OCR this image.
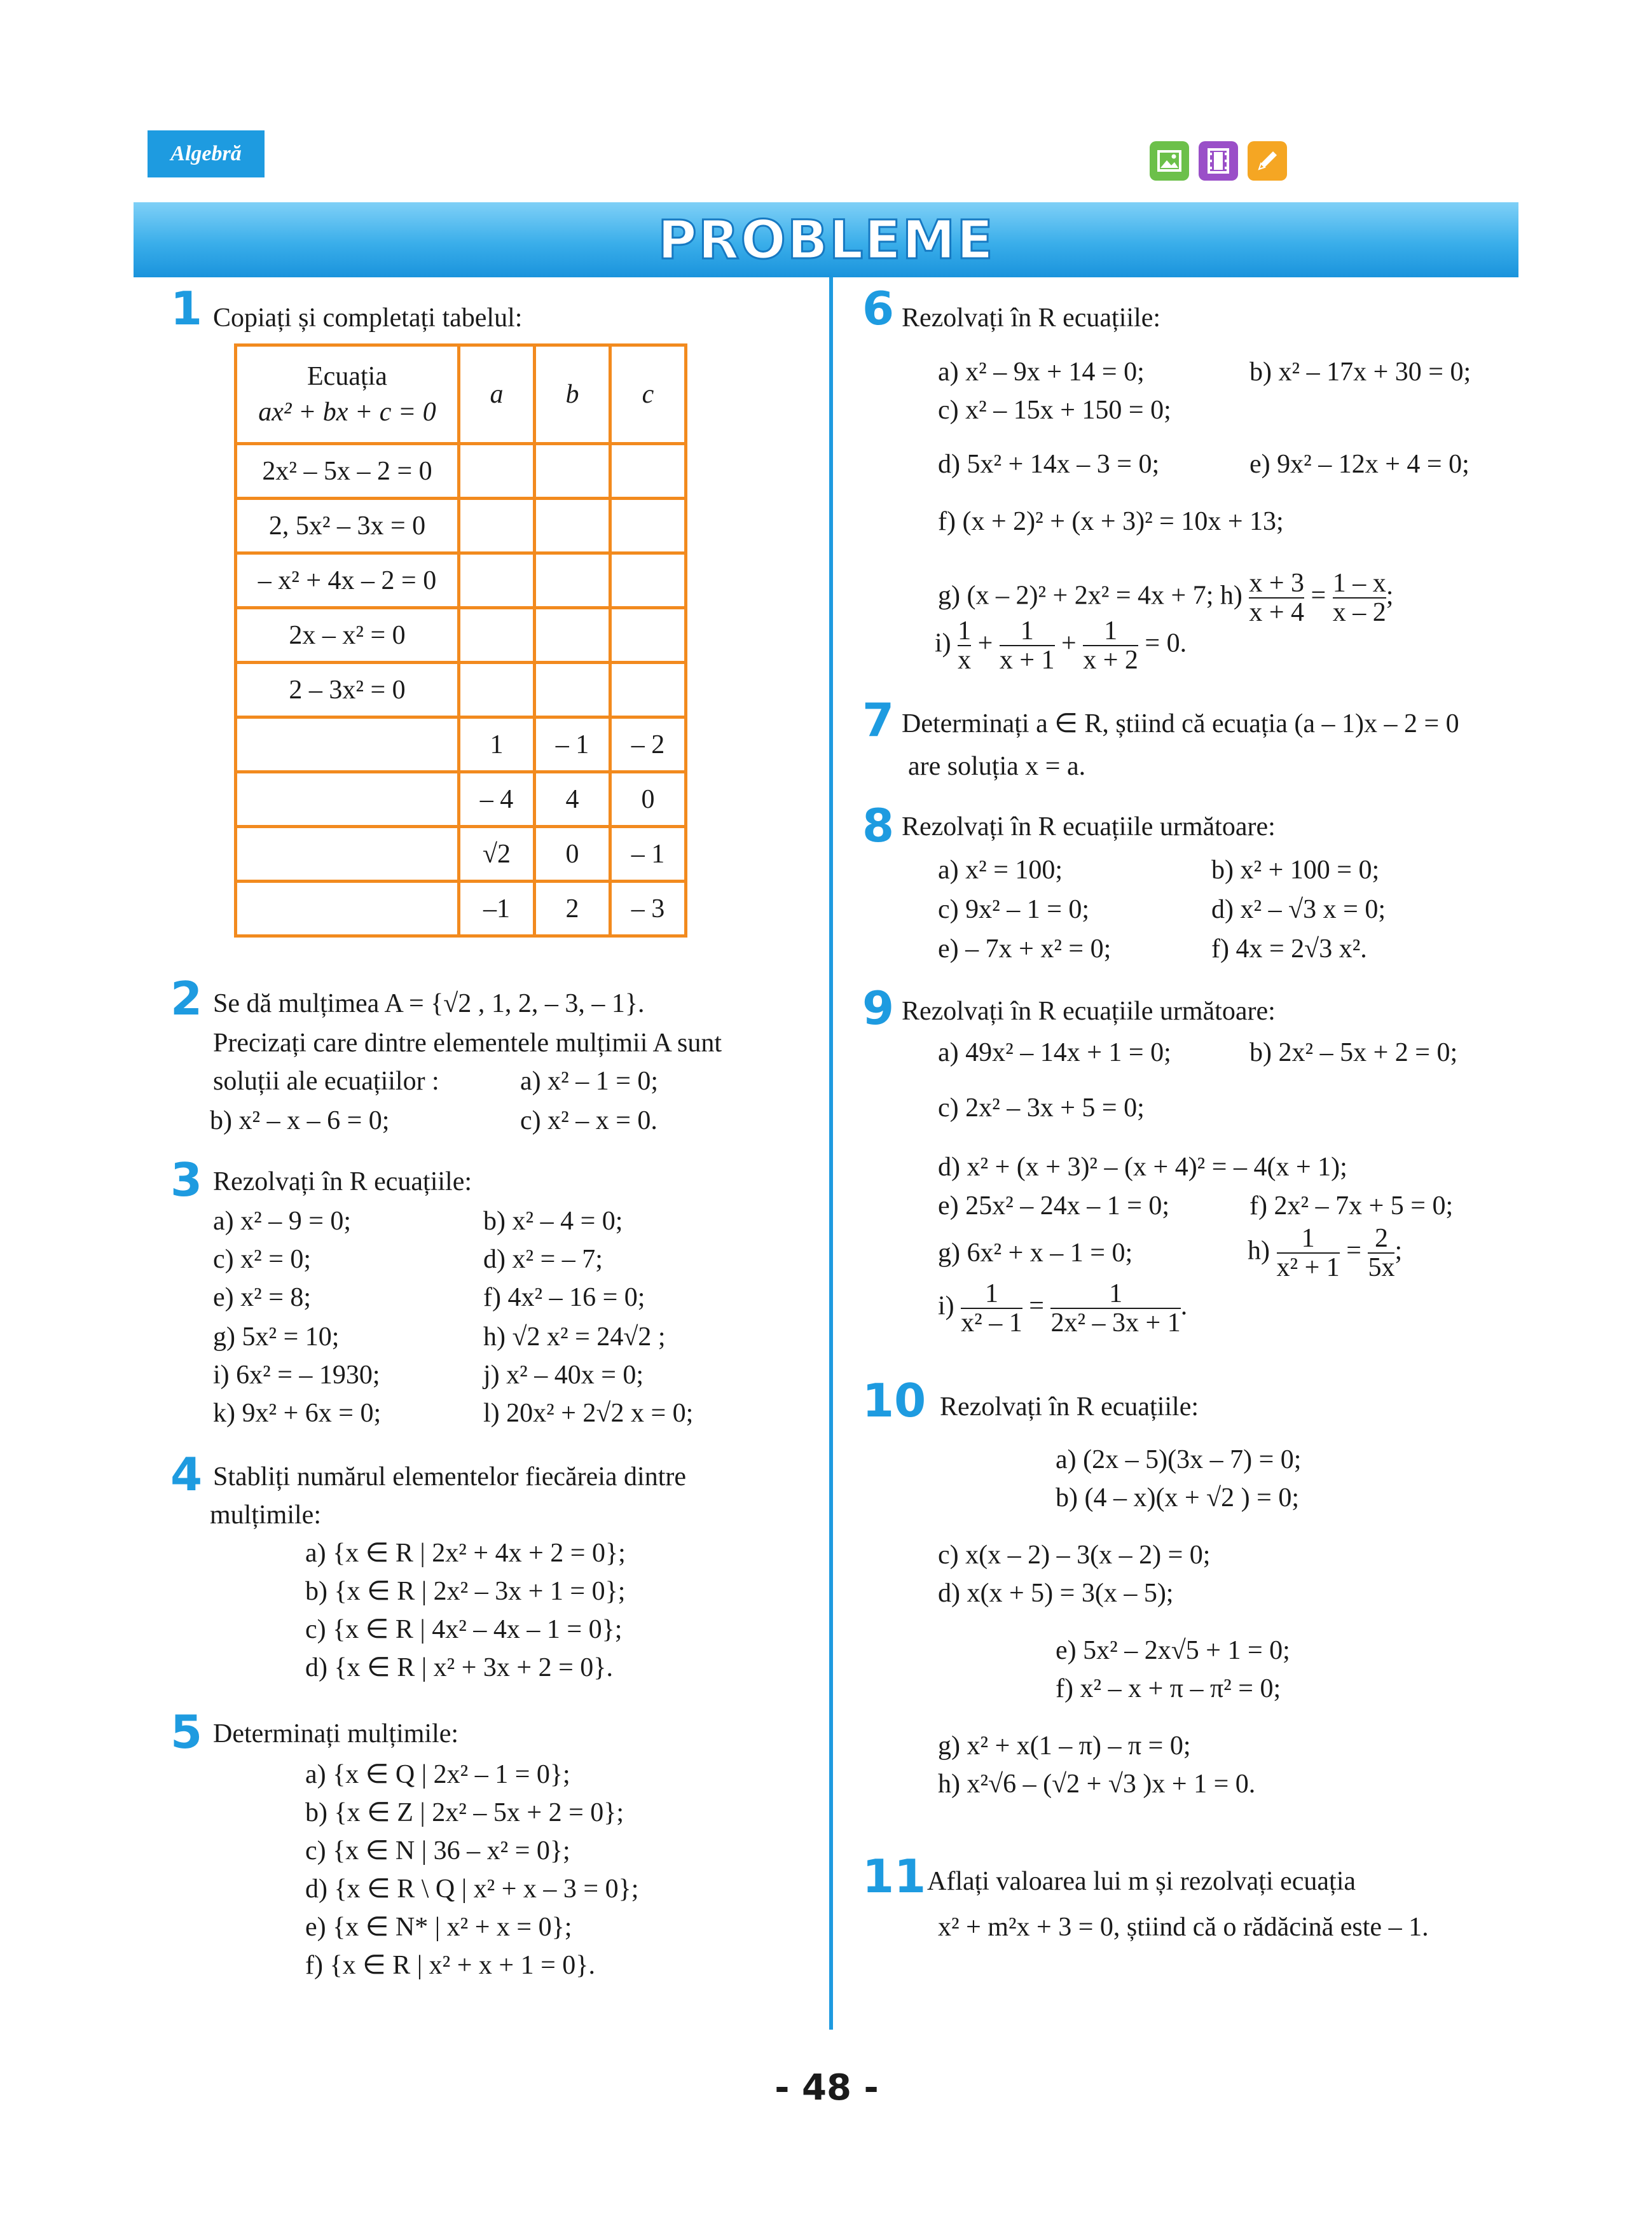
Algebră
PROBLEME
1 Copiați și completați tabelul:
Ecuația
ax² + bx + c = 0	a	b	c
2x² – 5x – 2 = 0			
2, 5x² – 3x = 0			
– x² + 4x – 2 = 0			
2x – x² = 0			
2 – 3x² = 0			
	1	– 1	– 2
	– 4	4	0
	√2	0	– 1
	–1	2	– 3
2 Se dă mulțimea A = {√2 , 1, 2, – 3, – 1}.
Precizați care dintre elementele mulțimii A sunt
soluții ale ecuațiilor :	a) x² – 1 = 0;
b) x² – x – 6 = 0;	c) x² – x = 0.
3 Rezolvați în R ecuațiile:
a) x² – 9 = 0;
c) x² = 0;
e) x² = 8;
g) 5x² = 10;
i) 6x² = – 1930;
k) 9x² + 6x = 0;
b) x² – 4 = 0;
d) x² = – 7;
f) 4x² – 16 = 0;
h) √2 x² = 24√2 ;
j) x² – 40x = 0;
l) 20x² + 2√2 x = 0;
4 Stabliți numărul elementelor fiecăreia dintre
mulțimile:
a) {x ∈ R | 2x² + 4x + 2 = 0};
b) {x ∈ R | 2x² – 3x + 1 = 0};
c) {x ∈ R | 4x² – 4x – 1 = 0};
d) {x ∈ R | x² + 3x + 2 = 0}.
5 Determinați mulțimile:
a) {x ∈ Q | 2x² – 1 = 0};
b) {x ∈ Z | 2x² – 5x + 2 = 0};
c) {x ∈ N | 36 – x² = 0};
d) {x ∈ R \ Q | x² + x – 3 = 0};
e) {x ∈ N* | x² + x = 0};
f) {x ∈ R | x² + x + 1 = 0}.
6 Rezolvați în R ecuațiile:
a) x² – 9x + 14 = 0;	b) x² – 17x + 30 = 0;
c) x² – 15x + 150 = 0;
d) 5x² + 14x – 3 = 0;	e) 9x² – 12x + 4 = 0;
f) (x + 2)² + (x + 3)² = 10x + 13;
g) (x – 2)² + 2x² = 4x + 7; $h) \frac{x + 3}{x + 4} = \frac{1 - x}{x - 2}$ ;
$i) \frac{1}{x} + \frac{1}{x + 1} + \frac{1}{x + 2} = 0$.
7 Determinați a ∈ R, știind că ecuația (a – 1)x – 2 = 0
are soluția x = a.
8 Rezolvați în R ecuațiile următoare:
a) x² = 100;
c) 9x² – 1 = 0;
e) – 7x + x² = 0;
b) x² + 100 = 0;
d) x² – √3 x = 0;
f) 4x = 2√3 x².
9 Rezolvați în R ecuațiile următoare:
a) 49x² – 14x + 1 = 0;	b) 2x² – 5x + 2 = 0;
c) 2x² – 3x + 5 = 0;
d) x² + (x + 3)² – (x + 4)² = – 4(x + 1);
e) 25x² – 24x – 1 = 0;	f) 2x² – 7x + 5 = 0;
g) 6x² + x – 1 = 0;	$h) \frac{1}{\text{x² + 1}} = \frac{2}{5x}$ ;
$i) \frac{1}{\text{x² – 1}} = \frac{1}{\text{2x² – 3x + 1}}$ .
10 Rezolvați în R ecuațiile:
a) (2x – 5)(3x – 7) = 0;
b) (4 – x)(x + √2 ) = 0;
c) x(x – 2) – 3(x – 2) = 0;
d) x(x + 5) = 3(x – 5);
e) 5x² – 2x√5 + 1 = 0;
f) x² – x + π – π² = 0;
g) x² + x(1 – π) – π = 0;
h) x²√6 – (√2 + √3 )x + 1 = 0.
11 Aflați valoarea lui m și rezolvați ecuația
x² + m²x + 3 = 0, știind că o rădăcină este – 1.
- 48 -
